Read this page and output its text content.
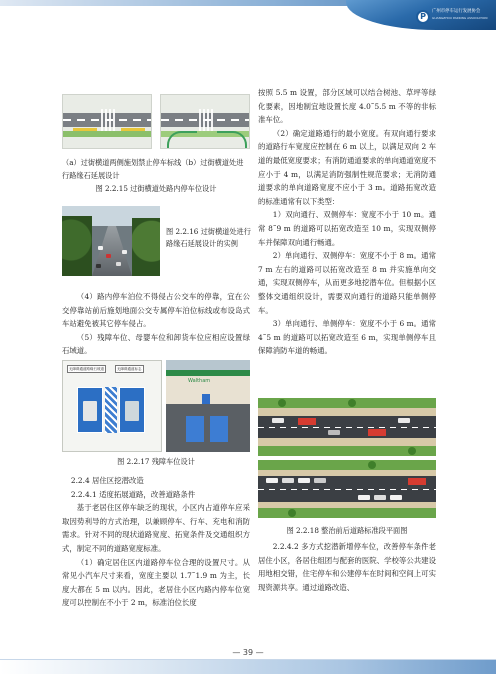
P
广州市停车运行发展协会
GUANGZHOU PARKING ASSOCIATION
（a）过街横道两侧施划禁止停车标线（b）过街横道处进行路缘石延展设计
图 2.2.15 过街横道处路内停车位设计
图 2.2.16 过街横道处进行路缘石延展设计的实例

（4）路内停车泊位不得侵占公交车的停靠，宜在公交停靠站前后施划地面公交专属停车泊位标线或布设岛式车站避免被其它停车侵占。

（5）残障车位、母婴车位和卸货车位应相应设置绿石域道。

无障碍通道路缘石坡道	无障碍通道标志
Waltham
图 2.2.17 残障车位设计

2.2.4 居住区挖潜改造

2.2.4.1 适度拓展道路，改善道路条件

基于老居住区停车缺乏的现状，小区内占道停车应采取因势利导的方式治理，以兼顾停车、行车、充电和消防需求。针对不同的现状道路宽度、拓宽条件及交通组织方式，制定不同的道路宽度标准。

（1）确定居住区内道路停车位合理的设置尺寸。从常见小汽车尺寸来看，宽度主要以 1.7˜1.9 m 为主，长度大都在 5 m 以内。因此，老居住小区内路内停车位宽度可以控制在不小于 2 m，标准泊位长度

按照 5.5 m 设置，部分区域可以结合树池、草坪等绿化要素，因地制宜地设置长度 4.0˜5.5 m 不等的非标准车位。

（2）确定道路通行的最小宽度。有双向通行要求的道路行车宽度应控制在 6 m 以上，以满足双向 2 车道的最低宽度要求；有消防通道要求的单向通道宽度不应小于 4 m，以满足消防强制性规范要求；无消防通道要求的单向道路宽度不应小于 3 m。道路拓宽改造的标准通常有以下类型：

1）双向通行、双侧停车：宽度不小于 10 m。通常 8˜9 m 的道路可以拓宽改造至 10 m，实现双侧停车并保障双向通行畅通。

2）单向通行、双侧停车：宽度不小于 8 m。通常 7 m 左右的道路可以拓宽改造至 8 m 并实施单向交通，实现双侧停车，从而更多地挖潜车位。但根据小区整体交通组织设计，需要双向通行的道路只能单侧停车。

3）单向通行、单侧停车：宽度不小于 6 m。通常 4˜5 m 的道路可以拓宽改造至 6 m，实现单侧停车且保障消防车道的畅通。

图 2.2.18 整治前后道路标准段平面图

2.2.4.2 多方式挖潜新增停车位，改善停车条件老居住小区，各居住组团与配套的医院、学校等公共建设用地相交错，住宅停车和公建停车在时间和空间上可实现资源共享。通过道路改造、

— 39 —
